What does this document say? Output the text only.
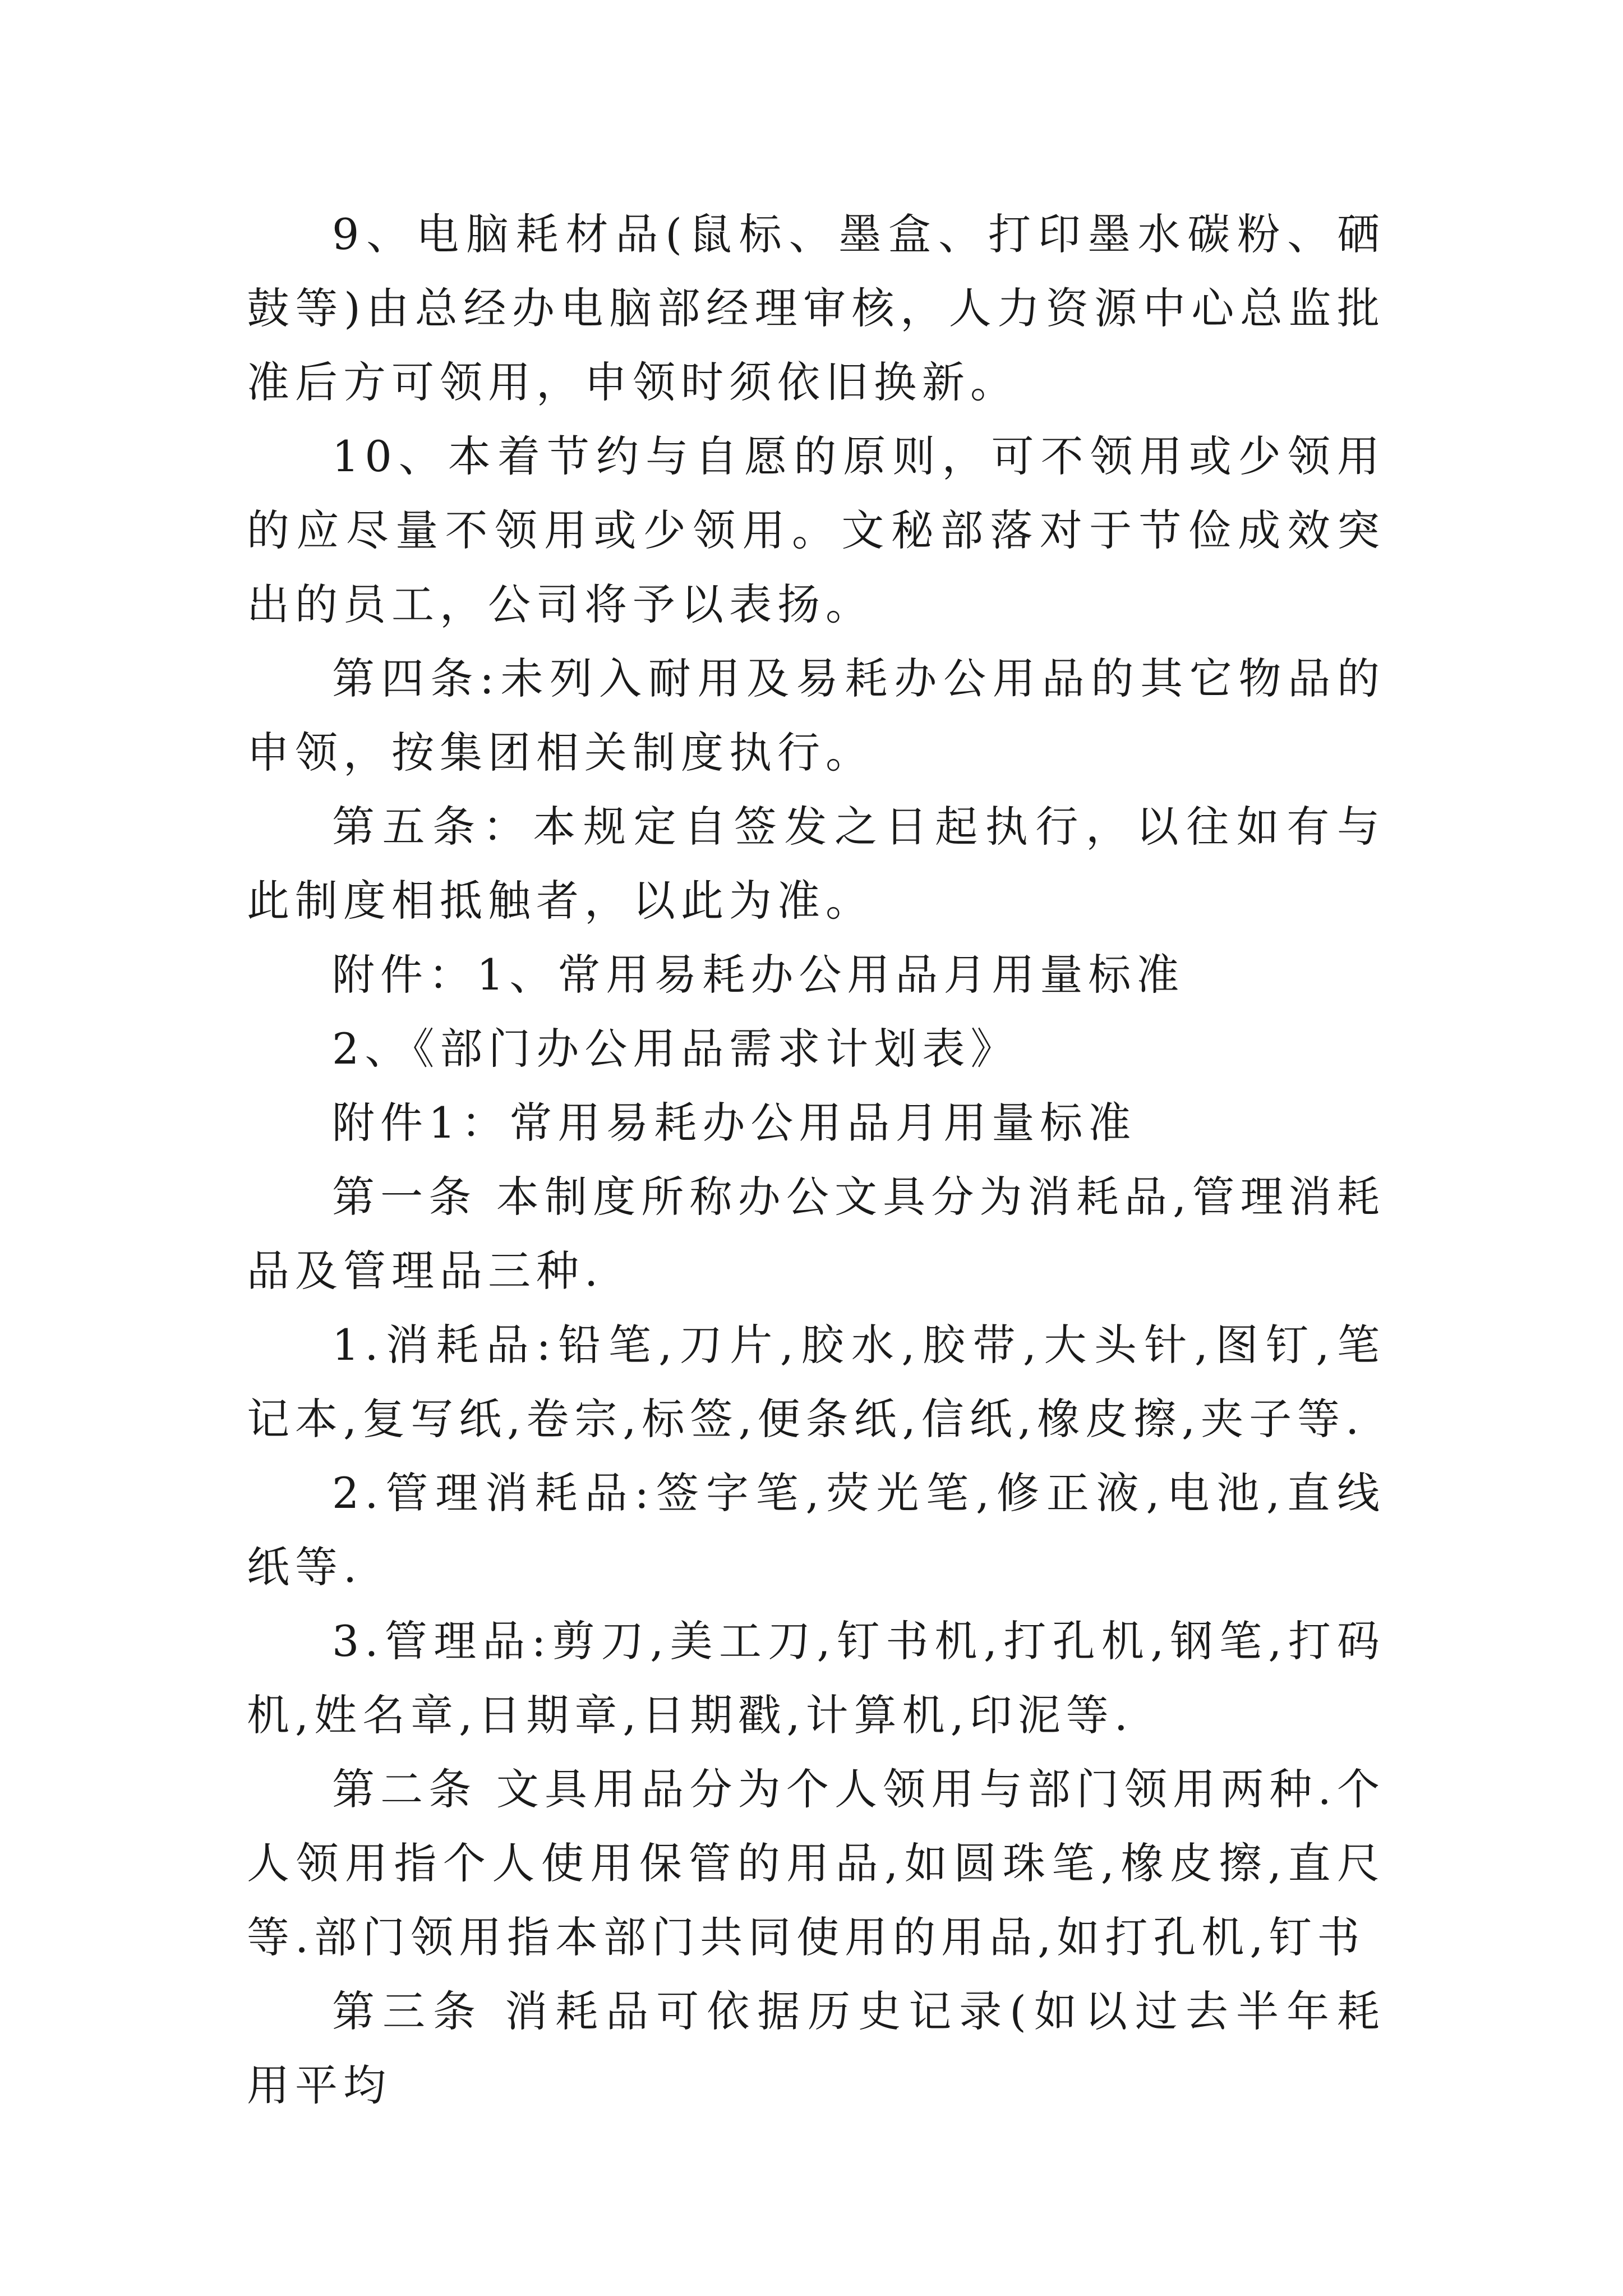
9、电脑耗材品(鼠标、墨盒、打印墨水碳粉、硒鼓等)由总经办电脑部经理审核，人力资源中心总监批准后方可领用，申领时须依旧换新。

10、本着节约与自愿的原则，可不领用或少领用的应尽量不领用或少领用。文秘部落对于节俭成效突出的员工，公司将予以表扬。

第四条:未列入耐用及易耗办公用品的其它物品的申领，按集团相关制度执行。

第五条：本规定自签发之日起执行，以往如有与此制度相抵触者，以此为准。

附件：1、常用易耗办公用品月用量标准

2、《部门办公用品需求计划表》

附件1：常用易耗办公用品月用量标准

第一条 本制度所称办公文具分为消耗品,管理消耗品及管理品三种.

1.消耗品:铅笔,刀片,胶水,胶带,大头针,图钉,笔记本,复写纸,卷宗,标签,便条纸,信纸,橡皮擦,夹子等.

2.管理消耗品:签字笔,荧光笔,修正液,电池,直线纸等.

3.管理品:剪刀,美工刀,钉书机,打孔机,钢笔,打码机,姓名章,日期章,日期戳,计算机,印泥等.

第二条 文具用品分为个人领用与部门领用两种.个人领用指个人使用保管的用品,如圆珠笔,橡皮擦,直尺等.部门领用指本部门共同使用的用品,如打孔机,钉书

第三条 消耗品可依据历史记录(如以过去半年耗用平均
